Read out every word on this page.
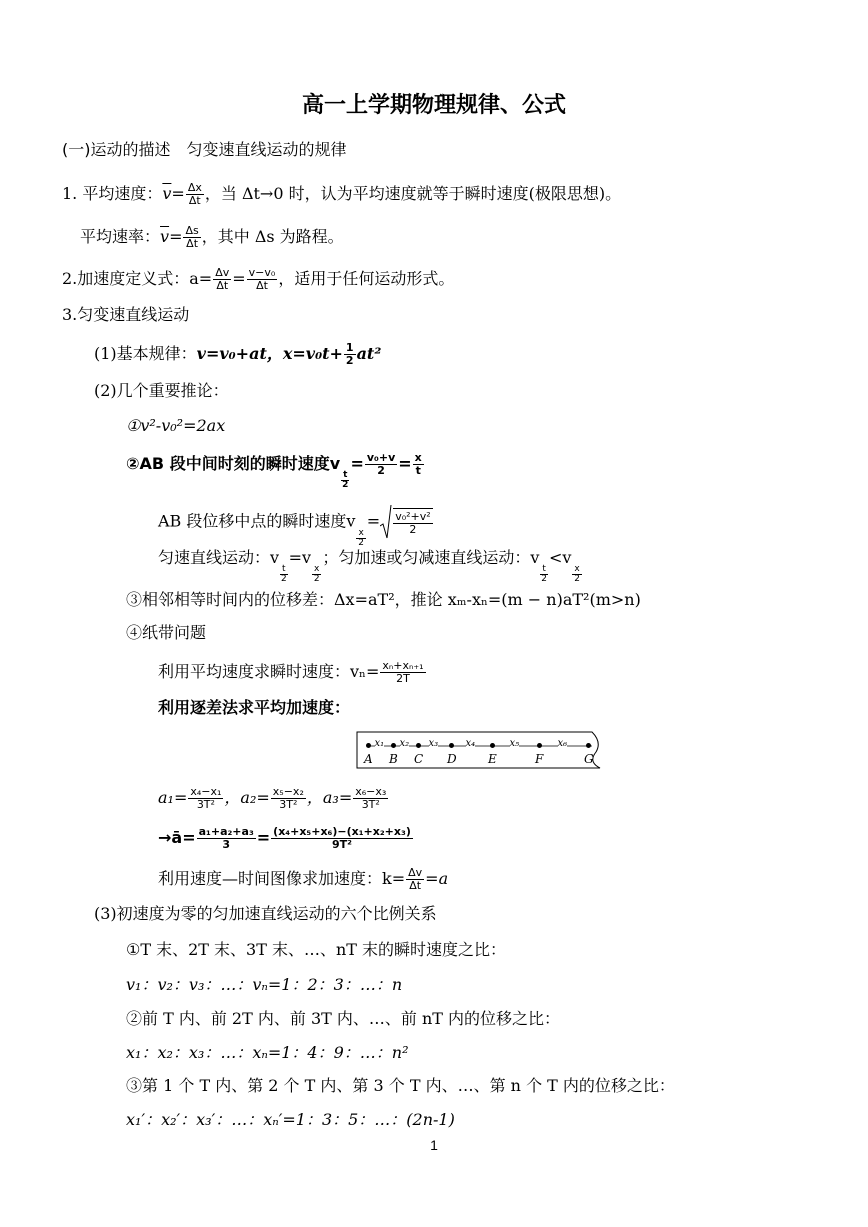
高一上学期物理规律、公式
(一)运动的描述　匀变速直线运动的规律
1. 平均速度：$\overline{v}= \frac{\Delta x}{\Delta t}$ ，当 Δt→0 时，认为平均速度就等于瞬时速度(极限思想)。
平均速率：$\overline{v}= \frac{\Delta s}{\Delta t}$ ，其中 Δs 为路程。
2.加速度定义式：$a= \frac{\Delta v}{\Delta t} = \frac{\text{v−v₀}}{\Delta t}$ ，适用于任何运动形式。
3.匀变速直线运动
(1)基本规律：v=v₀+at，$x=v_0t+ \frac{1}{2} at^2$
(2)几个重要推论：
①v²-v₀²=2ax
②AB 段中间时刻的瞬时速度v
$\frac{t}{2}$
= $\frac{\text{v₀+v}}{2} = \frac{x}{t}$
AB 段位移中点的瞬时速度v
$\frac{x}{2}$
= $\frac{\text{v₀²+v²}}{2}$
匀速直线运动：v
$\frac{t}{2}$
=v
$\frac{x}{2}$
；匀加速或匀减速直线运动：v
$\frac{t}{2}$
<v
$\frac{x}{2}$
③相邻相等时间内的位移差：Δx=aT²，推论 xₘ-xₙ=(m − n)aT²(m>n)
④纸带问题
利用平均速度求瞬时速度：$v_n= \frac{\text{xₙ+xₙ₊₁}}{2T}$
利用逐差法求平均加速度：
A B C D	E	F	G
x₁ x₂ x₃	x₄	x₅	x₆
$a_1= \frac{\text{x₄−x₁}}{\text{3T²}}$ ，$a_2= \frac{\text{x₅−x₂}}{\text{3T²}}$ ，$a_3= \frac{\text{x₆−x₃}}{\text{3T²}}$
→ā= $\frac{\text{a₁+a₂+a₃}}{3} = \frac{\text{(x₄+x₅+x₆)−(x₁+x₂+x₃)}}{\text{9T²}}$
利用速度—时间图像求加速度：$k= \frac{\Delta v}{\Delta t} =a$
(3)初速度为零的匀加速直线运动的六个比例关系
①T 末、2T 末、3T 末、…、nT 末的瞬时速度之比：
v₁：v₂：v₃：…：vₙ=1：2：3：…：n
②前 T 内、前 2T 内、前 3T 内、…、前 nT 内的位移之比：
x₁：x₂：x₃：…：xₙ=1：4：9：…：n²
③第 1 个 T 内、第 2 个 T 内、第 3 个 T 内、…、第 n 个 T 内的位移之比：
x₁′：x₂′：x₃′：…：xₙ′=1：3：5：…：(2n-1)
1
